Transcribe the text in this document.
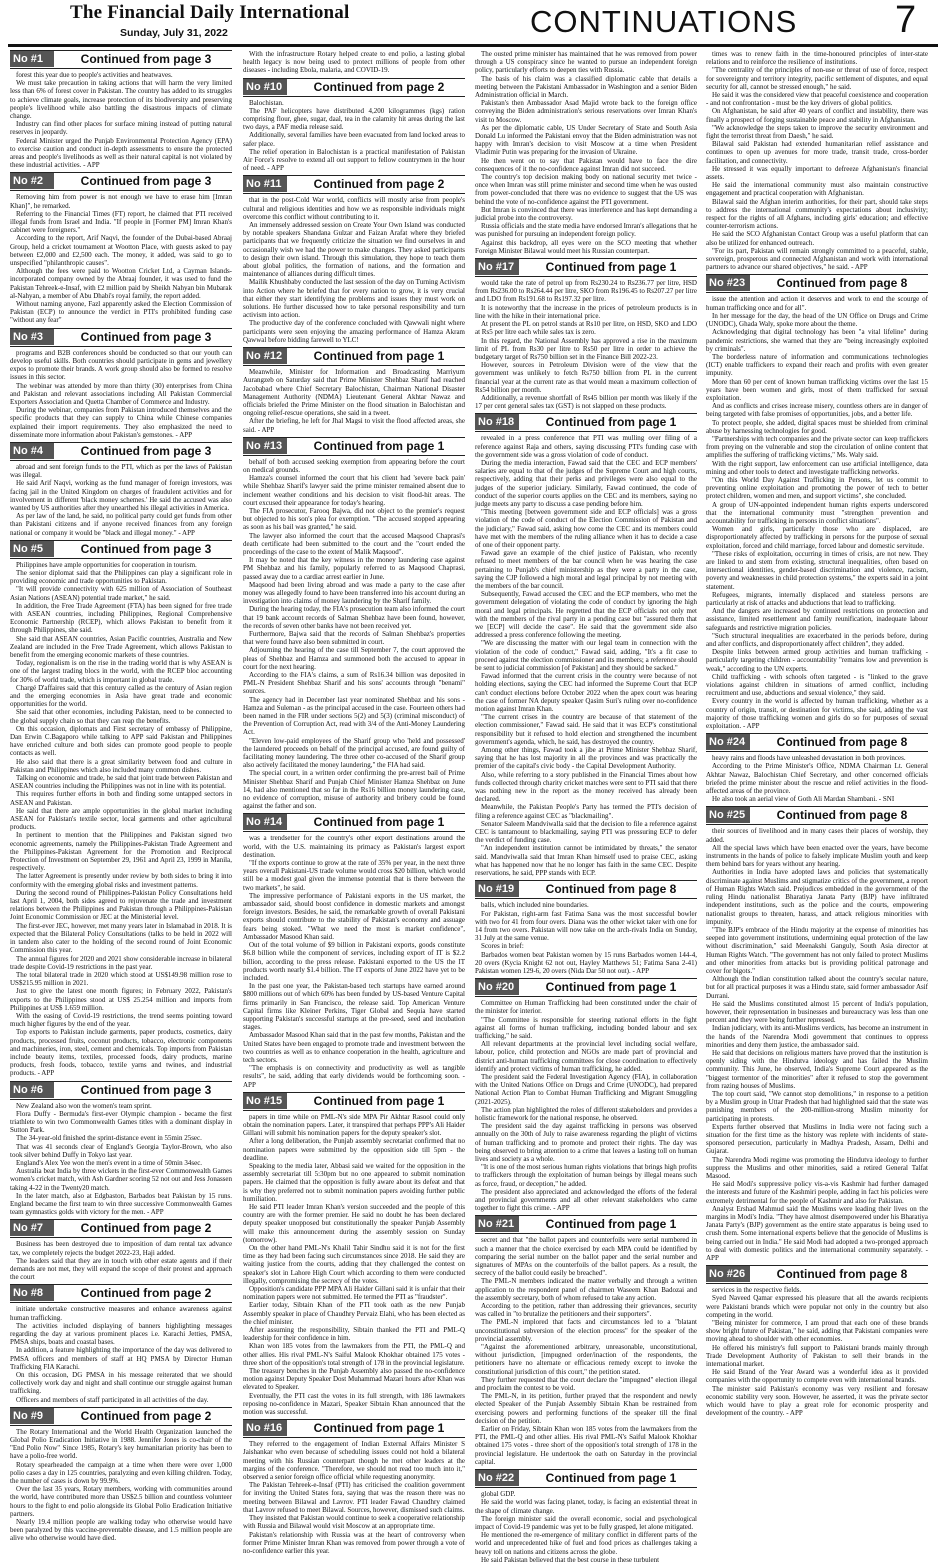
The Financial Daily International
Sunday, July 31, 2022	CONTINUATIONS	7
No #1	Continued from page 3

forest this year due to people's activities and heatwaves.

We must take precaution in taking actions that will harm the very limited less than 6% of forest cover in Pakistan. The country has added to its struggles to achieve climate goals, increase protection of its biodiversity and preserving people's livelihood while also battling the disastrous impacts of climate change.

Industry can find other places for surface mining instead of putting natural reserves in jeopardy.

Federal Minister urged the Punjab Environmental Protection Agency (EPA) to exercise caution and conduct in-depth assessments to ensure the protected areas and people's livelihoods as well as their natural capital is not violated by these industrial activities. - APP

No #2	Continued from page 3

Removing him from power is not enough we have to erase him [Imran Khan]", he remarked.

Referring to the Financial Times (FT) report, he claimed that PTI received illegal funds from Israel and India. "If people in [Former PM] Imran Khan's cabinet were foreigners."

According to the report, Arif Naqvi, the founder of the Dubai-based Abraaj Group, held a cricket tournament at Wootton Place, with guests asked to pay between £2,000 and £2,500 each. The money, it added, was said to go to unspecified "philanthropic causes".

Although the fees were paid to Wootton Cricket Ltd, a Cayman Islands-incorporated company owned by the Abraaj founder, it was used to fund the Pakistan Tehreek-e-Insaf, with £2 million paid by Sheikh Nahyan bin Mubarak al-Nahyan, a member of Abu Dhabi's royal family, the report added.

Without naming anyone, Fazl apparently asked the Election Commission of Pakistan (ECP) to announce the verdict in PTI's prohibited funding case "without any fear"

No #3	Continued from page 3

programs and B2B conferences should be conducted so that our youth can develop useful skills. Both countries should participate in gems and jewellery expos to promote their brands. A work group should also be formed to resolve issues in this sector.

The webinar was attended by more than thirty (30) enterprises from China and Pakistan and relevant associations including All Pakistan Commercial Exporters Association and Quetta Chamber of Commerce and Industry.

During the webinar, companies from Pakistan introduced themselves and the specific products that they can supply to China while Chinese companies explained their import requirements. They also emphasized the need to disseminate more information about Pakistan's gemstones. - APP

No #4	Continued from page 3

abroad and sent foreign funds to the PTI, which as per the laws of Pakistan was illegal.

He said Arif Naqvi, working as the fund manager of foreign investors, was facing jail in the United Kingdom on charges of fraudulent activities and for involvement in different 'black money schemes.' He said the accused was also wanted by US authorities after they unearthed his illegal activities in America.

As per law of the land, he said, no political party could get funds from other than Pakistani citizens and if anyone received finances from any foreign national or company it would be "black and illegal money." - APP

No #5	Continued from page 3

Philippines have ample opportunities for cooperation in tourism.

The senior diplomat said that the Philippines can play a significant role in providing economic and trade opportunities to Pakistan.

"It will provide connectivity with 625 million of Association of Southeast Asian Nations (ASEAN) potential trade market," he said.

In addition, the Free Trade Agreement (FTA) has been signed for free trade with ASEAN countries, including Philippines, Regional Comprehensive Economic Partnership (RCEP), which allows Pakistan to benefit from it through Philippines, she said.

She said that ASEAN countries, Asian Pacific countries, Australia and New Zealand are included in the Free Trade Agreement, which allows Pakistan to benefit from the emerging economic markets of these countries.

Today, regionalism is on the rise in the trading world that is why ASEAN is one of the largest trading blocs in the world, with the RCEP bloc accounting for 30% of world trade, which is important in global trade.

Chargé D'affaires said that this century called as the century of Asian region and the emerging economies in Asia have great trade and economic opportunities for the world.

She said that other economies, including Pakistan, need to be connected to the global supply chain so that they can reap the benefits.

On this occasion, diplomats and First secretary of embassy of Philippine, Dan Erwin C.Bagaporo while talking to APP said Pakistan and Philippines have enriched culture and both sides can promote good people to people contacts as well.

He also said that there is a great similarity between food and culture in Pakistan and Philippines which also included many common dishes.

Talking on economic and trade, he said that joint trade between Pakistan and ASEAN countries including the Philippines was not in line with its potential.

This requires further efforts in both and finding some untapped sectors in ASEAN and Pakistan.

He said that there are ample opportunities in the global market including ASEAN for Pakistan's textile sector, local garments and other agricultural products.

In pertinent to mention that the Philippines and Pakistan signed two economic agreements, namely the Philippines-Pakistan Trade Agreement and the Philippines-Pakistan Agreement for the Promotion and Reciprocal Protection of Investment on September 29, 1961 and April 23, 1999 in Manila, respectively.

The latter Agreement is presently under review by both sides to bring it into conformity with the emerging global risks and investment patterns.

During the second round of Philippines-Pakistan Policy Consultations held last April 1, 2004, both sides agreed to rejuvenate the trade and investment relations between the Philippines and Pakistan through a Philippines-Pakistan Joint Economic Commission or JEC at the Ministerial level.

The first-ever JEC, however, met many years later in Islamabad in 2018. It is expected that the Bilateral Policy Consultations (talks to be held in 2022 will in tandem also cater to the holding of the second round of Joint Economic Commission this year.

The annual figures for 2020 and 2021 show considerable increase in bilateral trade despite Covid-19 restrictions in the past year.

The total bilateral trade in 2020 which stood at US$149.98 million rose to US$215.95 million in 2021.

Just to give the latest one month figures; in February 2022, Pakistan's exports to the Philippines stood at US$ 25.254 million and imports from Philippines at US$ 1.659 million.

With the easing of Covid-19 restrictions, the trend seems pointing toward much higher figures by the end of the year.

Top exports to Pakistan include garments, paper products, cosmetics, dairy products, processed fruits, coconut products, tobacco, electronic components and machineries, iron, steel, cement and chemicals. Top imports from Pakistan include beauty items, textiles, processed foods, dairy products, marine products, fresh foods, tobacco, textile yarns and twines, and industrial products. - APP

No #6	Continued from page 3

New Zealand also won the women's team sprint.

Flora Duffy - Bermuda's first-ever Olympic champion - became the first triathlete to win two Commonwealth Games titles with a dominant display in Sutton Park.

The 34-year-old finished the sprint-distance event in 55min 25sec.

That was 41 seconds clear of England's Georgia Taylor-Brown, who also took silver behind Duffy in Tokyo last year.

England's Alex Yee won the men's event in a time of 50min 34sec.

Australia beat India by three wickets in the first-ever Commonwealth Games women's cricket match, with Ash Gardner scoring 52 not out and Jess Jonassen taking 4-22 in the Twenty20 match.

In the later match, also at Edgbaston, Barbados beat Pakistan by 15 runs. England became the first team to win three successive Commonwealth Games team gymnastics golds with victory for the men. - APP

No #7	Continued from page 2

Business has been destroyed due to imposition of dam rental tax advance tax, we completely rejects the budget 2022-23, Haji added.

The leaders said that they are in touch with other estate agents and if their demands are not met, they will expand the scope of their protest and approach the court

No #8	Continued from page 2

initiate undertake constructive measures and enhance awareness against human trafficking.

The activities included displaying of banners highlighting messages regarding the day at various prominent places i.e. Karachi Jetties, PMSA, PMSA ships, boats and coastal bases.

In addition, a feature highlighting the importance of the day was delivered to PMSA officers and members of staff at HQ PMSA by Director Human Trafficking FIA Karachi.

On this occasion, DG PMSA in his message reiterated that we should collectively work day and night and shall continue our struggle against human trafficking.

Officers and members of staff participated in all activities of the day.

No #9	Continued from page 2

The Rotary International and the World Health Organization launched the Global Polio Eradication Initiative in 1988. Jennifer Jones is co-chair of the "End Polio Now" Since 1985, Rotary's key humanitarian priority has been to have a polio-free world.

Rotary spearheaded the campaign at a time when there were over 1,000 polio cases a day in 125 countries, paralyzing and even killing children. Today, the number of cases is down by 99.9%.

Over the last 35 years, Rotary members, working with communities around the world, have contributed more than US$2.5 billion and countless volunteer hours to the fight to end polio alongside its Global Polio Eradication Initiative partners.

Nearly 19.4 million people are walking today who otherwise would have been paralyzed by this vaccine-preventable disease, and 1.5 million people are alive who otherwise would have died.

With the infrastructure Rotary helped create to end polio, a lasting global health legacy is now being used to protect millions of people from other diseases - including Ebola, malaria, and COVID-19.

No #10	Continued from page 2

Balochistan.

The PAF helicopters have distributed 4,200 kilogrammes (kgs) ration comprising flour, ghee, sugar, daal, tea in the calamity hit areas during the last two days, a PAF media release said.

Additionally, several families have been evacuated from land locked areas to safer place.

The relief operation in Balochistan is a practical manifestation of Pakistan Air Force's resolve to extend all out support to fellow countrymen in the hour of need. - APP

No #11	Continued from page 2

that in the post-Cold War world, conflicts will mostly arise from people's cultural and religious identities and how we as responsible individuals might overcome this conflict without contributing to it.

An immensely addressed session on Create Your Own Island was conducted by notable speakers Shandana Gulzar and Faizan Arafat where they briefed participants that we frequently criticize the situation we find ourselves in and occasionally wish we had the power to make changes. They asked participants to design their own island. Through this simulation, they hope to teach them about global politics, the formation of nations, and the formation and maintenance of alliances during difficult times.

Mailik Khushbaby conducted the last session of the day on Turning Activism into Action where he briefed that for every nation to grow, it is very crucial that either they start identifying the problems and issues they must work on solutions. He further discussed how to take personal responsibility and turn activism into action.

The productive day of the conference concluded with Qawwali night where participants were seen enjoying the amazing performance of Hamza Akram Qawwal before bidding farewell to YLC!

No #12	Continued from page 1

Meanwhile, Minister for Information and Broadcasting Marriyum Aurangzeb on Saturday said that Prime Minister Shehbaz Sharif had reached Jacobabad where Chief Secretary Balochistan, Chairman National Disaster Management Authority (NDMA) Lieutenant General Akhtar Nawaz and officials briefed the Prime Minister on the flood situation in Balochistan and ongoing relief-rescue operations, she said in a tweet.

After the briefing, he left for Jhal Magsi to visit the flood affected areas, she said. - APP

No #13	Continued from page 1

behalf of both accused seeking exemption from appearing before the court on medical grounds.

Hamza's counsel informed the court that his client had 'severe back pain' while Shehbaz Sharif's lawyer said the prime minister remained absent due to inclement weather conditions and his decision to visit flood-hit areas. The court excused their appearance for today's hearing.

The FIA prosecutor, Farooq Bajwa, did not object to the premier's request but objected to his son's plea for exemption. "The accused stopped appearing as soon as his bail was granted," he said.

The lawyer also informed the court that the accused Maqsood Chaprasi's death certificate had been submitted to the court and the "court ended the proceedings of the case to the extent of Malik Maqsood".

It may be noted that the key witness in the money laundering case against PM Shehbaz and his family, popularly referred to as Maqsood Chaprasi, passed away due to a cardiac arrest earlier in June.

Maqsood had been living abroad and was made a party to the case after money was allegedly found to have been transferred into his account during an investigation into claims of money laundering by the Sharif family.

During the hearing today, the FIA's prosecution team also informed the court that 19 bank account records of Salman Shehbaz have been found, however, the records of seven other banks have not been received yet.

Furthermore, Bajwa said that the records of Salman Shehbaz's properties that were found have also been submitted in court.

Adjourning the hearing of the case till September 7, the court approved the pleas of Shehbaz and Hamza and summoned both the accused to appear in court for the next hearing.

According to the FIA's claims, a sum of Rs16.34 billion was deposited in PML-N President Shehbaz Sharif and his sons' accounts through "benami" sources.

The agency had in December last year nominated Shehbaz and his sons - Hamza and Suleman - as the principal accused in the case. Fourteen others had been named in the FIR under sections 5(2) and 5(3) (criminal misconduct) of the Prevention of Corruption Act, read with 3/4 of the Anti-Money Laundering Act.

"Eleven low-paid employees of the Sharif group who 'held and possessed' the laundered proceeds on behalf of the principal accused, are found guilty of facilitating money laundering. The three other co-accused of the Sharif group also actively facilitated the money laundering," the FIA had said.

The special court, in a written order confirming the pre-arrest bail of Prime Minister Shehbaz Sharif and Punjab Chief Minister Hamza Shehbaz on June 14, had also mentioned that so far in the Rs16 billion money laundering case, no evidence of corruption, misuse of authority and bribery could be found against the father and son.

No #14	Continued from page 1

was a trendsetter for the country's other export destinations around the world, with the U.S. maintaining its primacy as Pakistan's largest export destination.

"If the exports continue to grow at the rate of 35% per year, in the next three years overall Pakistani-US trade volume would cross $20 billion, which would still be a modest goal given the immense potential that is there between the two markets", he said.

The impressive performance of Pakistani exports in the US market, the ambassador said, should boost confidence in domestic markets and amongst foreign investors. Besides, he said, the remarkable growth of overall Pakistani exports should contribute to the stability of Pakistan's economy and assuage fears being stoked. "What we need the most is market confidence", Ambassador Masood Khan said.

Out of the total volume of $9 billion in Pakistani exports, goods constitute $6.8 billion while the component of services, including export of IT is $2.2 billion, according to the press release. Pakistani exported to the US the IT products worth nearly $1.4 billion. The IT exports of June 2022 have yet to be included.

In the past one year, the Pakistan-based tech startups have earned around $800 millions out of which 60% has been funded by US-based Venture Capital firms primarily in San Francisco, the release said. Top American Venture Capital firms like Kleiner Perkins, Tiger Global and Sequia have started supporting Pakistan's successful startups at the pre-seed, seed and incubation stages.

Ambassador Masood Khan said that in the past few months, Pakistan and the United States have been engaged to promote trade and investment between the two countries as well as to enhance cooperation in the health, agriculture and tech sectors.

"The emphasis is on connectivity and productivity as well as tangible results", he said, adding that early dividends would be forthcoming soon. - APP

No #15	Continued from page 1

papers in time while on PML-N's side MPA Pir Akhtar Rasool could only obtain the nomination papers. Later, it transpired that perhaps PPP's Ali Haider Gillani will submit his nomination papers for the deputy speaker's slot.

After a long deliberation, the Punjab assembly secretariat confirmed that no nomination papers were submitted by the opposition side till 5pm - the deadline.

Speaking to the media later, Abbasi said we waited for the opposition in the assembly secretariat till 5:30pm but no one appeared to submit nomination papers. He claimed that the opposition is fully aware about its defeat and that is why they preferred not to submit nomination papers avoiding further public humiliation.

He said PTI leader Imran Khan's version succeeded and the people of this country are with the former premier. He said no doubt he has been declared deputy speaker unopposed but constitutionally the speaker Punjab Assembly will make this announcement during the assembly session on Sunday (tomorrow).

On the other hand PML-N's Khalil Tahir Sindhu said it is not for the first time as they had been facing such circumstances since 2018. He said they are waiting justice from the courts, adding that they challenged the contest on speaker's slot in Lahore High Court which according to them were conducted illegally, compromising the secrecy of the votes.

Opposition's candidate PPP MPA Ali Haider Gillani said it is unfair that their nomination papers were not submitted. He termed the PTI as "fraudster".

Earlier today, Sibtain Khan of the PTI took oath as the new Punjab Assembly speaker in place of Chaudhry Pervaiz Elahi, who has been elected as the chief minister.

After assuming the responsibility, Sibtain thanked the PTI and PML-Q leadership for their confidence in him.

Khan won 185 votes from the lawmakers from the PTI, the PML-Q and other allies. His rival PML-N's Saiful Malook Khokhar obtained 175 votes - three short of the opposition's total strength of 178 in the provincial legislature.

The treasury benches in the Punjab Assembly also passed the no-confidence motion against Deputy Speaker Dost Muhammad Mazari hours after Khan was elevated to Speaker.

Eventually, the PTI cast the votes in its full strength, with 186 lawmakers reposing no-confidence in Mazari, Speaker Sibtain Khan announced that the motion was successful.

No #16	Continued from page 1

They referred to the engagement of Indian External Affairs Minister S Jaishankar who even because of scheduling issues could not hold a bilateral meeting with his Russian counterpart though he met other leaders at the margins of the conference. "Therefore, we should not read too much into it," observed a senior foreign office official while requesting anonymity.

The Pakistan Tehreek-e-Insaf (PTI) has criticised the coalition government for inviting the United States fora, saying that was the reason there was no meeting between Bilawal and Lavrov. PTI leader Fawad Chaudhry claimed that Lavrov refused to meet Bilawal. Sources, however, dismissed such claims.

They insisted that Pakistan would continue to seek a cooperative relationship with Russia and Bilawal would visit Moscow at an appropriate time.

Pakistan's relationship with Russia was at the heart of controversy when former Prime Minister Imran Khan was removed from power through a vote of no-confidence earlier this year.

The ousted prime minister has maintained that he was removed from power through a US conspiracy since he wanted to pursue an independent foreign policy, particularly efforts to deepen ties with Russia.

The basis of his claim was a classified diplomatic cable that details a meeting between the Pakistani Ambassador in Washington and a senior Biden Administration official in March.

Pakistan's then Ambassador Asad Majid wrote back to the foreign office conveying the Biden administration's serious reservations over Imran Khan's visit to Moscow.

As per the diplomatic cable, US Under Secretary of State and South Asia Donald Lu informed the Pakistani envoy that the Biden administration was not happy with Imran's decision to visit Moscow at a time when President Vladimir Putin was preparing for the invasion of Ukraine.

He then went on to say that Pakistan would have to face the dire consequences of it the no-confidence against Imran did not succeed.

The country's top decision making body on national security met twice - once when Imran was still prime minister and second time when he was ousted from power-concluded that there was no evidence to suggest that the US was behind the vote of no-confidence against the PTI government.

But Imran is convinced that there was interference and has kept demanding a judicial probe into the controversy.

Russia officials and the state media have endorsed Imran's allegations that he was punished for pursuing an independent foreign policy.

Against this backdrop, all eyes were on the SCO meeting that whether Foreign Minister Bilawal would meet his Russian counterpart.

No #17	Continued from page 1

would take the rate of petrol up from Rs230.24 to Rs236.77 per litre, HSD from Rs236.00 to Rs264.44 per litre, SKO from Rs196.45 to Rs207.27 per litre and LDO from Rs191.68 to Rs197.32 per litre.

It is noteworthy that the increase in the prices of petroleum products is in line with the hike in their international price.

At present the PL on petrol stands at Rs10 per litre, on HSD, SKO and LDO at Rs5 per litre each while sales tax is zero.

In this regard, the National Assembly has approved a rise in the maximum limit of PL from Rs30 per litre to Rs50 per litre in order to achieve the budgetary target of Rs750 billion set in the Finance Bill 2022-23.

However, sources in Petroleum Division were of the view that the government was unlikely to fetch Rs750 billion from PL in the current financial year at the current rate as that would mean a maximum collection of Rs54 billion per month.

Additionally, a revenue shortfall of Rs45 billion per month was likely if the 17 per cent general sales tax (GST) is not slapped on these products.

No #18	Continued from page 1

revealed in a press conference that PTI was mulling over filing of a reference against Raja and others, saying discussing PTI's funding case with the government side was a gross violation of code of conduct.

During the media interaction, Fawad said that the CEC and ECP members' salaries are equal to that of the judges of the Supreme Court and high courts, respectively, adding that their perks and privileges were also equal to the judges of the superior judiciary. Similarly, Fawad continued, the code of conduct of the superior courts applies on the CEC and its members, saying no judge meets any party to discuss a case pending before him.

"This meeting [between government side and ECP officials] was a gross violation of the code of conduct of the Election Commission of Pakistan and the judiciary," Fawad said, asking how come the CEC and its members could have met with the members of the ruling alliance when it has to decide a case of one of their opponent party.

Fawad gave an example of the chief justice of Pakistan, who recently refused to meet members of the bar council when he was hearing the case pertaining to Punjab's chief ministership as they were a party in the case, saying the CJP followed a high moral and legal principal by not meeting with the members of the bar council.

Subsequently, Fawad accused the CEC and the ECP members, who met the government delegation of violating the code of conduct by ignoring the high moral and legal principals. He regretted that the ECP officials not only met with the members of the rival party in a pending case but "assured them that we [ECP] will decide the case". He said that the government side also addressed a press conference following the meeting.

"We are discussing the matter with our legal team in connection with the violation of the code of conduct," Fawad said, adding, "It's a fit case to proceed against the election commissioner and its members; a reference should be sent to judicial commission [of Pakistan] and they should be sacked."

Fawad informed that the current crisis in the country were because of not holding elections, saying the CEC had informed the Supreme Court that ECP can't conduct elections before October 2022 when the apex court was hearing the case of former NA deputy speaker Qasim Suri's ruling over no-confidence motion against Imran Khan.

"The current crises in the country are because of that statement of the election commissioner," Fawad said. He said that it was ECP's constitutional responsibility but it refused to hold election and strengthened the incumbent government's agenda, which, he said, has destroyed the country.

Among other things, Fawad took a jibe at Prime Minister Shehbaz Sharif, saying that he has lost majority in all the provinces and was practically the premier of the capital's civic body - the Capital Development Authority.

Also, while referring to a story published in the Financial Times about how funds collected through charity cricket matches were sent to PTI said that there was nothing new in the report as the money received has already been declared.

Meanwhile, the Pakistan People's Party has termed the PTI's decision of filing a reference against CEC as "blackmailing".

Senator Saleem Mandviwalla said that the decision to file a reference against CEC is tantamount to blackmailing, saying PTI was pressuring ECP to defer the verdict of funding case.

"An independent institution cannot be intimidated by threats," the senator said. Mandviwalla said that Imran Khan himself used to praise CEC, asking what has happened now that he no longer has faith in the same CEC. Despite reservations, he said, PPP stands with ECP.

No #19	Continued from page 8

balls, which included nine boundaries.

For Pakistan, right-arm fast Fatima Sana was the most successful bowler with two for 41 from four overs. Diana was the other wicket taker with one for 14 from two overs. Pakistan will now take on the arch-rivals India on Sunday, 31 July at the same venue.

Scores in brief:

Barbados women beat Pakistan women by 15 runs Barbados women 144-4, 20 overs (Kycia Knight 62 not out, Hayley Matthews 51; Fatima Sana 2-41) Pakistan women 129-6, 20 overs (Nida Dar 50 not out). - APP

No #20	Continued from page 1

Committee on Human Trafficking had been constituted under the chair of the minister for interior.

"The Committee is responsible for steering national efforts in the fight against all forms of human trafficking, including bonded labour and sex trafficking," he said.

All relevant departments at the provincial level including social welfare, labour, police, child protection and NGOs are made part of provincial and district anti-human trafficking committees for close coordination to effectively identify and protect victims of human trafficking, he added.

The president said the Federal Investigation Agency (FIA), in collaboration with the United Nations Office on Drugs and Crime (UNODC), had prepared National Action Plan to Combat Human Trafficking and Migrant Smuggling (2021-2025).

The action plan highlighted the roles of different stakeholders and provides a holistic framework for the national response, he observed.

The president said the day against trafficking in persons was observed annually on the 30th of July to raise awareness regarding the plight of victims of human trafficking and to promote and protect their rights. The day was being observed to bring attention to a crime that leaves a lasting toll on human lives and society as a whole.

"It is one of the most serious human rights violations that brings high profits to traffickers through the exploitation of human beings by illegal means such as force, fraud, or deception," he added.

The president also appreciated and acknowledged the efforts of the federal and provincial governments and all other relevant stakeholders who came together to fight this crime. - APP

No #21	Continued from page 1

secret and that "the ballot papers and counterfoils were serial numbered in such a manner that the choice exercised by each MPA could be identified by comparing the serial number on the ballot paper and the serial number and signatures of MPAs on the counterfoils of the ballot papers. As a result, the secrecy of the ballot could easily be breached".

The PML-N members indicated the matter verbally and through a written application to the respondent panel of chairmen Waseem Khan Badozai and the assembly secretary, both of whom refused to take any action.

According to the petition, rather than addressing their grievances, security was called in "to brutalize the petitioners and their supporters".

The PML-N implored that facts and circumstances led to a "blatant unconstitutional subversion of the election process" for the speaker of the provincial assembly.

"Against the aforementioned arbitrary, unreasonable, unconstitutional, without jurisdiction, [impugned order/inaction of the respondents, the petitioners have no alternate or efficacious remedy except to invoke the constitutional jurisdiction of this court," the petition stated.

They further requested that the court declare the "impugned" election illegal and proclaim the contest to be void.

The PML-N, in its petition, further prayed that the respondent and newly elected Speaker of the Punjab Assembly Sibtain Khan be restrained from exercising powers and performing functions of the speaker till the final decision of the petition.

Earlier on Friday, Sibtain Khan won 185 votes from the lawmakers from the PTI, the PML-Q and other allies. His rival PML-N's Saiful Malook Khokhar obtained 175 votes - three short of the opposition's total strength of 178 in the provincial legislature. He undertook the oath on Saturday in the provincial capital.

No #22	Continued from page 1

global GDP.

He said the world was facing planet, today, is facing an existential threat in the shape of climate change.

The foreign minister said the overall economic, social and psychological impact of Covid-19 pandemic was yet to be fully grasped, let alone mitigated.

He mentioned the re-emergence of military conflict in different parts of the world and unprecedented hike of fuel and food prices as challenges taking a heavy toll on nations and citizens across the globe.

He said Pakistan believed that the best course in these turbulent

times was to renew faith in the time-honoured principles of inter-state relations and to reinforce the resilience of institutions.

"The centrality of the principles of non-use or threat of use of force, respect for sovereignty and territory integrity, pacific settlement of disputes, and equal security for all, cannot be stressed enough," he said.

He said it was the considered view that peaceful coexistence and cooperation - and not confrontation - must be the key drivers of global politics.

On Afghanistan, he said after 40 years of conflict and instability, there was finally a prospect of forging sustainable peace and stability in Afghanistan.

"We acknowledge the steps taken to improve the security environment and fight the terrorist threat from Daesh," he said.

Bilawal said Pakistan had extended humanitarian relief assistance and continues to open up avenues for more trade, transit trade, cross-border facilitation, and connectivity.

He stressed it was equally important to defreeze Afghanistan's financial assets.

He said the international community must also maintain constructive engagement and practical cooperation with Afghanistan.

Bilawal said the Afghan interim authorities, for their part, should take steps to address the international community's expectations about inclusivity; respect for the rights of all Afghans, including girls' education; and effective counter-terrorism actions.

He said the SCO Afghanistan Contact Group was a useful platform that can also be utilized for enhanced outreach.

"For its part, Pakistan will remain strongly committed to a peaceful, stable, sovereign, prosperous and connected Afghanistan and work with international partners to advance our shared objectives," he said. - APP

No #23	Continued from page 8

issue the attention and action it deserves and work to end the scourge of human trafficking once and for all".

In her message for the day, the head of the UN Office on Drugs and Crime (UNODC), Ghada Waly, spoke more about the theme.

Acknowledging that digital technology has been "a vital lifeline" during pandemic restrictions, she warned that they are "being increasingly exploited by criminals".

The borderless nature of information and communications technologies (ICT) enable traffickers to expand their reach and profits with even greater impunity.

More than 60 per cent of known human trafficking victims over the last 15 years have been women and girls, most of them trafficked for sexual exploitation.

And as conflicts and crises increase misery, countless others are in danger of being targeted with false promises of opportunities, jobs, and a better life.

To protect people, she added, digital spaces must be shielded from criminal abuse by harnessing technologies for good.

"Partnerships with tech companies and the private sector can keep traffickers from preying on the vulnerable and stop the circulation of online content that amplifies the suffering of trafficking victims," Ms. Waly said.

With the right support, law enforcement can use artificial intelligence, data mining and other tools to detect and investigate trafficking networks.

"On this World Day Against Trafficking in Persons, let us commit to preventing online exploitation and promoting the power of tech to better protect children, women and men, and support victims", she concluded.

A group of UN-appointed independent human rights experts underscored that the international community must "strengthen prevention and accountability for trafficking in persons in conflict situations".

Women and girls, particularly those who are displaced, are disproportionately affected by trafficking in persons for the purpose of sexual exploitation, forced and child marriage, forced labour and domestic servitude.

"These risks of exploitation, occurring in times of crisis, are not new. They are linked to and stem from existing, structural inequalities, often based on intersectional identities, gender-based discrimination and violence, racism, poverty and weaknesses in child protection systems," the experts said in a joint statement.

Refugees, migrants, internally displaced and stateless persons are particularly at risk of attacks and abductions that lead to trafficking.

And the dangers are increased by continued restrictions on protection and assistance, limited resettlement and family reunification, inadequate labour safeguards and restrictive migration policies.

"Such structural inequalities are exacerbated in the periods before, during and after conflicts, and disproportionately affect children", they added.

Despite links between armed group activities and human trafficking - particularly targeting children - accountability "remains low and prevention is weak," according to the UN experts.

Child trafficking - with schools often targeted - is "linked to the grave violations against children in situations of armed conflict, including recruitment and use, abductions and sexual violence," they said.

Every country in the world is affected by human trafficking, whether as a country of origin, transit, or destination for victims, she said, adding the vast majority of those trafficking women and girls do so for purposes of sexual exploitation. - APP

No #24	Continued from page 8

heavy rains and floods have unleashed devastation in both provinces.

According to the Prime Minister's Office, NDMA Chairman Lt. General Akhtar Nawaz, Balochistan Chief Secretary, and other concerned officials briefed the prime minister about the rescue and relief activities in the flood-affected areas of the province.

He also took an aerial view of Goth Ali Mardan Shambani. - SNI

No #25	Continued from page 8

their sources of livelihood and in many cases their places of worship, they added.

All the special laws which have been enacted over the years, have become instruments in the hands of police to falsely implicate Muslim youth and keep them behind bars for years without any hearing.

Authorities in India have adopted laws and policies that systematically discriminate against Muslims and stigmatize critics of the government, a report of Human Rights Watch said. Prejudices embedded in the government of the ruling Hindu nationalist Bharatiya Janata Party (BJP) have infiltrated independent institutions, such as the police and the courts, empowering nationalist groups to threaten, harass, and attack religious minorities with impunity.

"The BJP's embrace of the Hindu majority at the expense of minorities has seeped into government institutions, undermining equal protection of the law without discrimination," said Meenakshi Ganguly, South Asia director at Human Rights Watch. "The government has not only failed to protect Muslims and other minorities from attacks but is providing political patronage and cover for bigots."

Although the Indian constitution talked about the country's secular nature, but for all practical purposes it was a Hindu state, said former ambassador Asif Durrani.

He said the Muslims constituted almost 15 percent of India's population, however, their representation in businesses and bureaucracy was less than one percent and they were being further repressed.

Indian judiciary, with its anti-Muslims verdicts, has become an instrument in the hands of the Narendra Modi government that continues to oppress minorities and deny them justice, the ambassador said.

He said that decisions on religious matters have proved that the institution is openly siding with the Hindutva ideology and has failed the Muslim community. This June, he observed, India's Supreme Court appeared as the "biggest tormentor of the minorities" after it refused to stop the government from razing houses of Muslims.

The top court said, "We cannot stop demolitions," in response to a petition by a Muslim group in Uttar Pradesh that had highlighted said that the state was punishing members of the 200-million-strong Muslim minority for participating in protests.

Experts further observed that Muslims in India were not facing such a situation for the first time as the history was replete with incidents of state-sponsored persecution, particularly in Madhya Pradesh, Assam, Delhi and Gujarat.

The Narendra Modi regime was promoting the Hindutva ideology to further suppress the Muslims and other minorities, said a retired General Talfat Masood.

He said Modi's suppressive policy vis-a-vis Kashmir had further damaged the interests and future of the Kashmiri people, adding in fact his policies were extremely detrimental for the people of Kashmir and also for Pakistan.

Analyst Ershad Mahmud said the Muslims were leading their lives on the margins in Modi's India. "They have almost disempowered under his Bharatiya Janata Party's (BJP) government as the entire state apparatus is being used to crush them. Some international experts believe that the genocide of Muslims is being carried out in India." He said Modi had adopted a two-pronged approach to deal with domestic politics and the international community separately. - APP

No #26	Continued from page 8

services in the respective fields.

Syed Naveed Qamar expressed his pleasure that all the awards recipients were Pakistani brands which were popular not only in the country but also competing in the world.

"Being minister for commerce, I am proud that each one of these brands show bright future of Pakistan," he said, adding that Pakistani companies were moving ahead to shoulder with other economies.

He offered his ministry's full support to Pakistani brands mainly through Trade Development Authority of Pakistan to sell their brands in the international market.

He said Brand of the Year Award was a wonderful idea as it provided companies with the opportunity to compete even with international brands.

The minister said Pakistan's economy was very resilient and foresaw economic stability very soon. However, he asserted, it was the private sector which would have to play a great role for economic prosperity and development of the country. - APP
